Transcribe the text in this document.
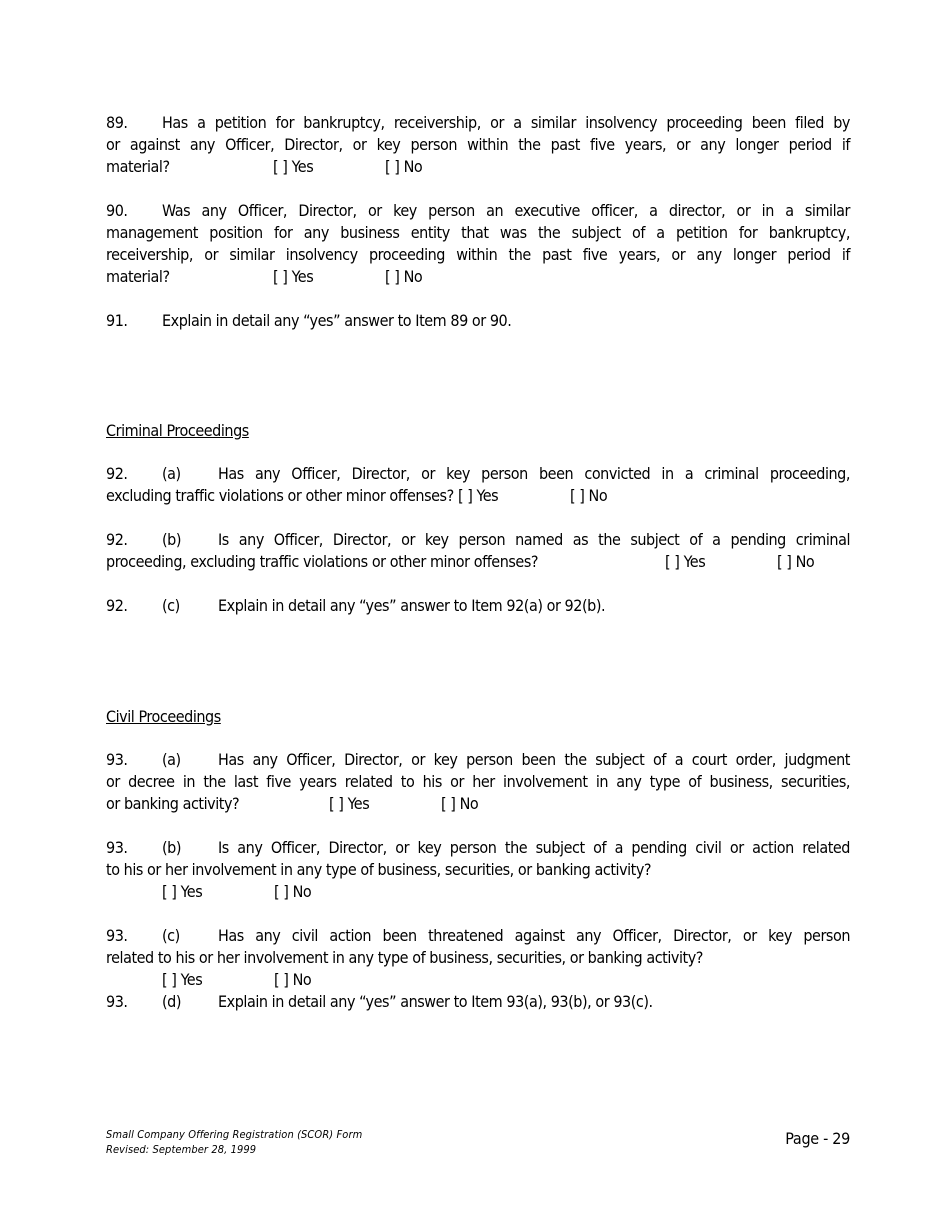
89. Has a petition for bankruptcy, receivership, or a similar insolvency proceeding been filed by
or against any Officer, Director, or key person within the past five years, or any longer period if
material?	[ ] Yes	[ ] No
90. Was any Officer, Director, or key person an executive officer, a director, or in a similar
management position for any business entity that was the subject of a petition for bankruptcy,
receivership, or similar insolvency proceeding within the past five years, or any longer period if
material?	[ ] Yes	[ ] No
91. Explain in detail any “yes” answer to Item 89 or 90.
Criminal Proceedings
92. (a) Has any Officer, Director, or key person been convicted in a criminal proceeding,
excluding traffic violations or other minor offenses? [ ] Yes	[ ] No
92. (b) Is any Officer, Director, or key person named as the subject of a pending criminal
proceeding, excluding traffic violations or other minor offenses?	[ ] Yes	[ ] No
92. (c) Explain in detail any “yes” answer to Item 92(a) or 92(b).
Civil Proceedings
93. (a) Has any Officer, Director, or key person been the subject of a court order, judgment
or decree in the last five years related to his or her involvement in any type of business, securities,
or banking activity?	[ ] Yes	[ ] No
93. (b) Is any Officer, Director, or key person the subject of a pending civil or action related
to his or her involvement in any type of business, securities, or banking activity?
[ ] Yes	[ ] No
93. (c) Has any civil action been threatened against any Officer, Director, or key person
related to his or her involvement in any type of business, securities, or banking activity?
[ ] Yes	[ ] No
93. (d) Explain in detail any “yes” answer to Item 93(a), 93(b), or 93(c).
Small Company Offering Registration (SCOR) Form
Revised: September 28, 1999
Page - 29
